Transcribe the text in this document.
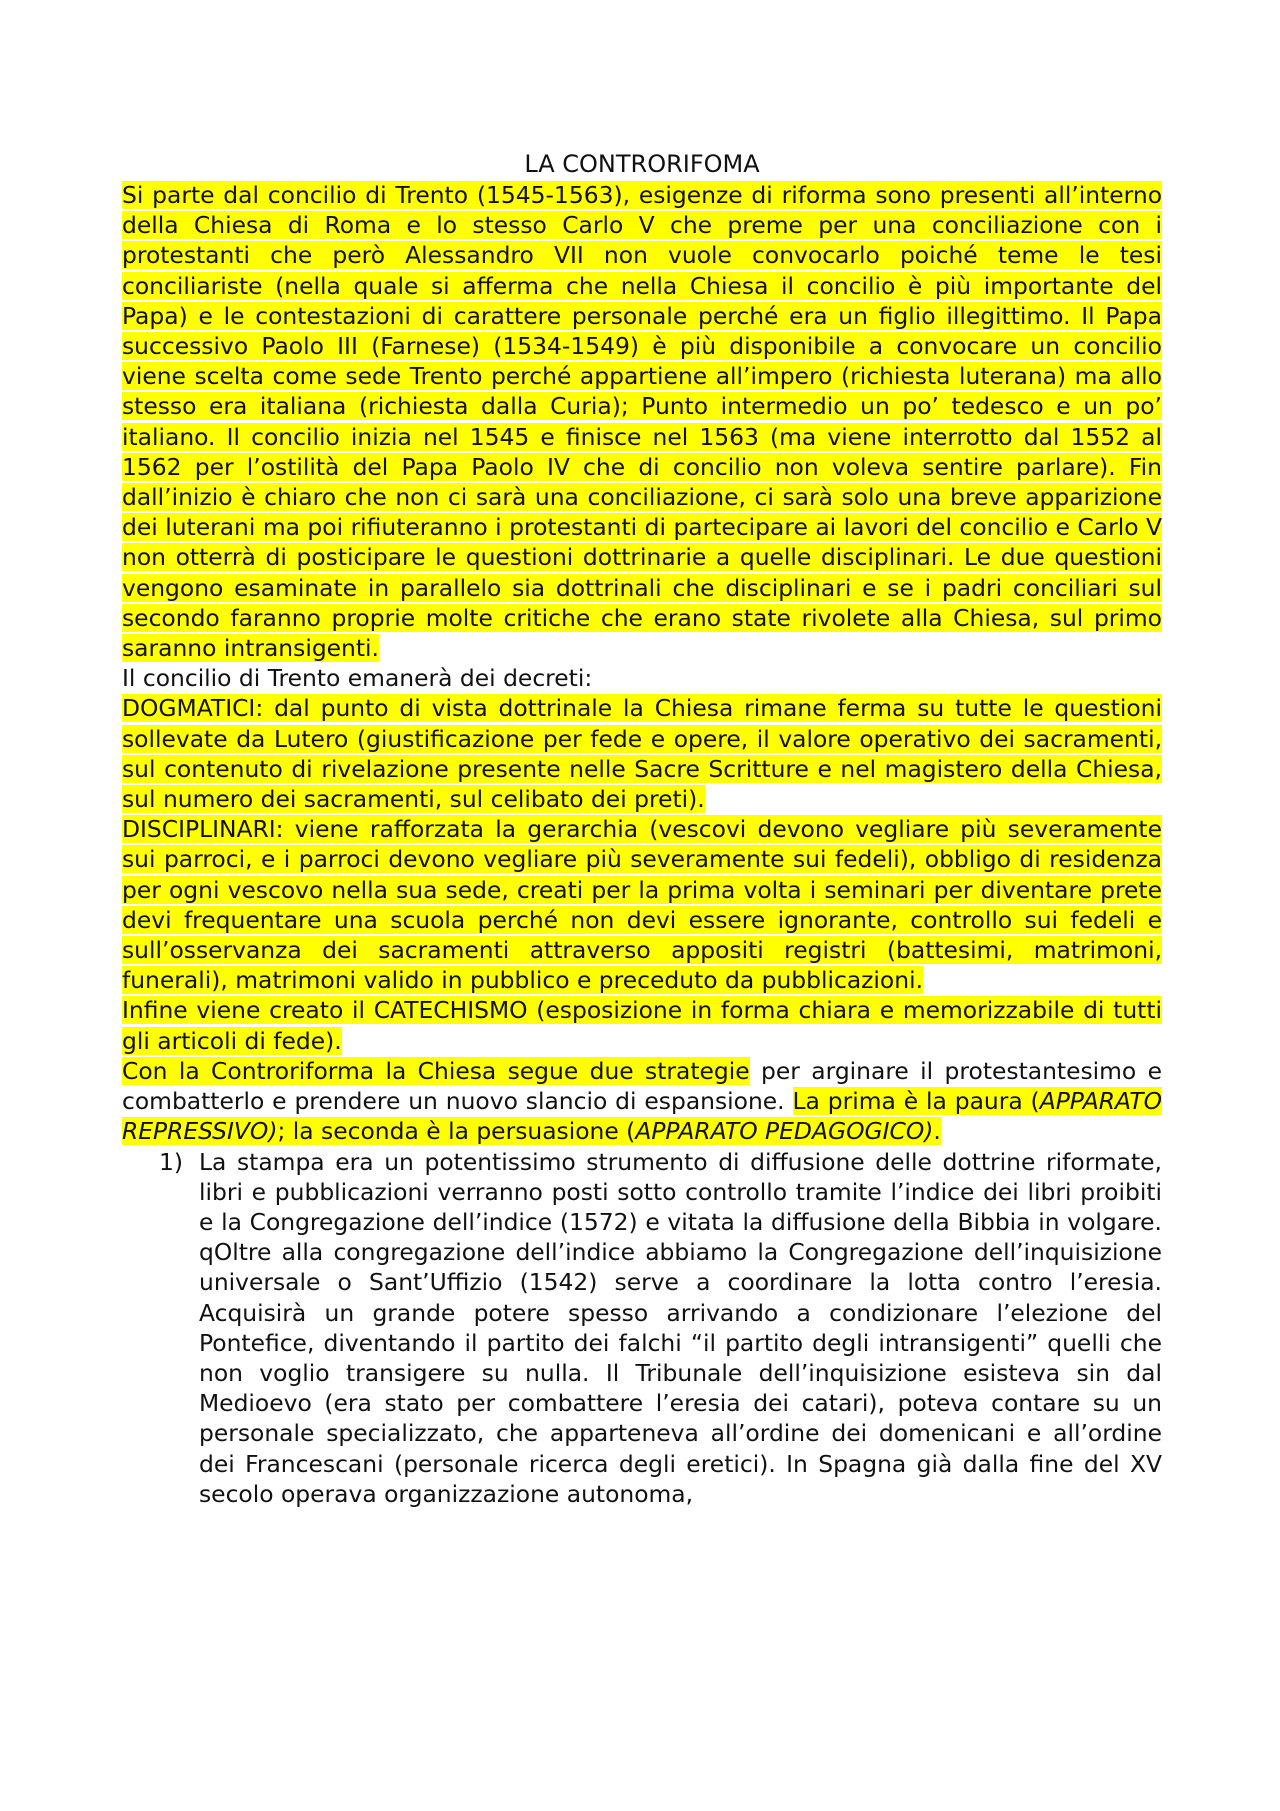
LA CONTRORIFOMA

Si parte dal concilio di Trento (1545-1563), esigenze di riforma sono presenti all’interno della Chiesa di Roma e lo stesso Carlo V che preme per una conciliazione con i protestanti che però Alessandro VII non vuole convocarlo poiché teme le tesi conciliariste (nella quale si afferma che nella Chiesa il concilio è più importante del Papa) e le contestazioni di carattere personale perché era un figlio illegittimo. Il Papa successivo Paolo III (Farnese) (1534-1549) è più disponibile a convocare un concilio viene scelta come sede Trento perché appartiene all’impero (richiesta luterana) ma allo stesso era italiana (richiesta dalla Curia); Punto intermedio un po’ tedesco e un po’ italiano. Il concilio inizia nel 1545 e finisce nel 1563 (ma viene interrotto dal 1552 al 1562 per l’ostilità del Papa Paolo IV che di concilio non voleva sentire parlare). Fin dall’inizio è chiaro che non ci sarà una conciliazione, ci sarà solo una breve apparizione dei luterani ma poi rifiuteranno i protestanti di partecipare ai lavori del concilio e Carlo V non otterrà di posticipare le questioni dottrinarie a quelle disciplinari. Le due questioni vengono esaminate in parallelo sia dottrinali che disciplinari e se i padri conciliari sul secondo faranno proprie molte critiche che erano state rivolete alla Chiesa, sul primo saranno intransigenti.

Il concilio di Trento emanerà dei decreti:

DOGMATICI: dal punto di vista dottrinale la Chiesa rimane ferma su tutte le questioni sollevate da Lutero (giustificazione per fede e opere, il valore operativo dei sacramenti, sul contenuto di rivelazione presente nelle Sacre Scritture e nel magistero della Chiesa, sul numero dei sacramenti, sul celibato dei preti).

DISCIPLINARI: viene rafforzata la gerarchia (vescovi devono vegliare più severamente sui parroci, e i parroci devono vegliare più severamente sui fedeli), obbligo di residenza per ogni vescovo nella sua sede, creati per la prima volta i seminari per diventare prete devi frequentare una scuola perché non devi essere ignorante, controllo sui fedeli e sull’osservanza dei sacramenti attraverso appositi registri (battesimi, matrimoni, funerali), matrimoni valido in pubblico e preceduto da pubblicazioni.

Infine viene creato il CATECHISMO (esposizione in forma chiara e memorizzabile di tutti gli articoli di fede).

Con la Controriforma la Chiesa segue due strategie per arginare il protestantesimo e combatterlo e prendere un nuovo slancio di espansione. La prima è la paura (APPARATO REPRESSIVO); la seconda è la persuasione (APPARATO PEDAGOGICO).

1) La stampa era un potentissimo strumento di diffusione delle dottrine riformate, libri e pubblicazioni verranno posti sotto controllo tramite l’indice dei libri proibiti e la Congregazione dell’indice (1572) e vitata la diffusione della Bibbia in volgare. qOltre alla congregazione dell’indice abbiamo la Congregazione dell’inquisizione universale o Sant’Uffizio (1542) serve a coordinare la lotta contro l’eresia. Acquisirà un grande potere spesso arrivando a condizionare l’elezione del Pontefice, diventando il partito dei falchi “il partito degli intransigenti” quelli che non voglio transigere su nulla. Il Tribunale dell’inquisizione esisteva sin dal Medioevo (era stato per combattere l’eresia dei catari), poteva contare su un personale specializzato, che apparteneva all’ordine dei domenicani e all’ordine dei Francescani (personale ricerca degli eretici). In Spagna già dalla fine del XV secolo operava organizzazione autonoma,
